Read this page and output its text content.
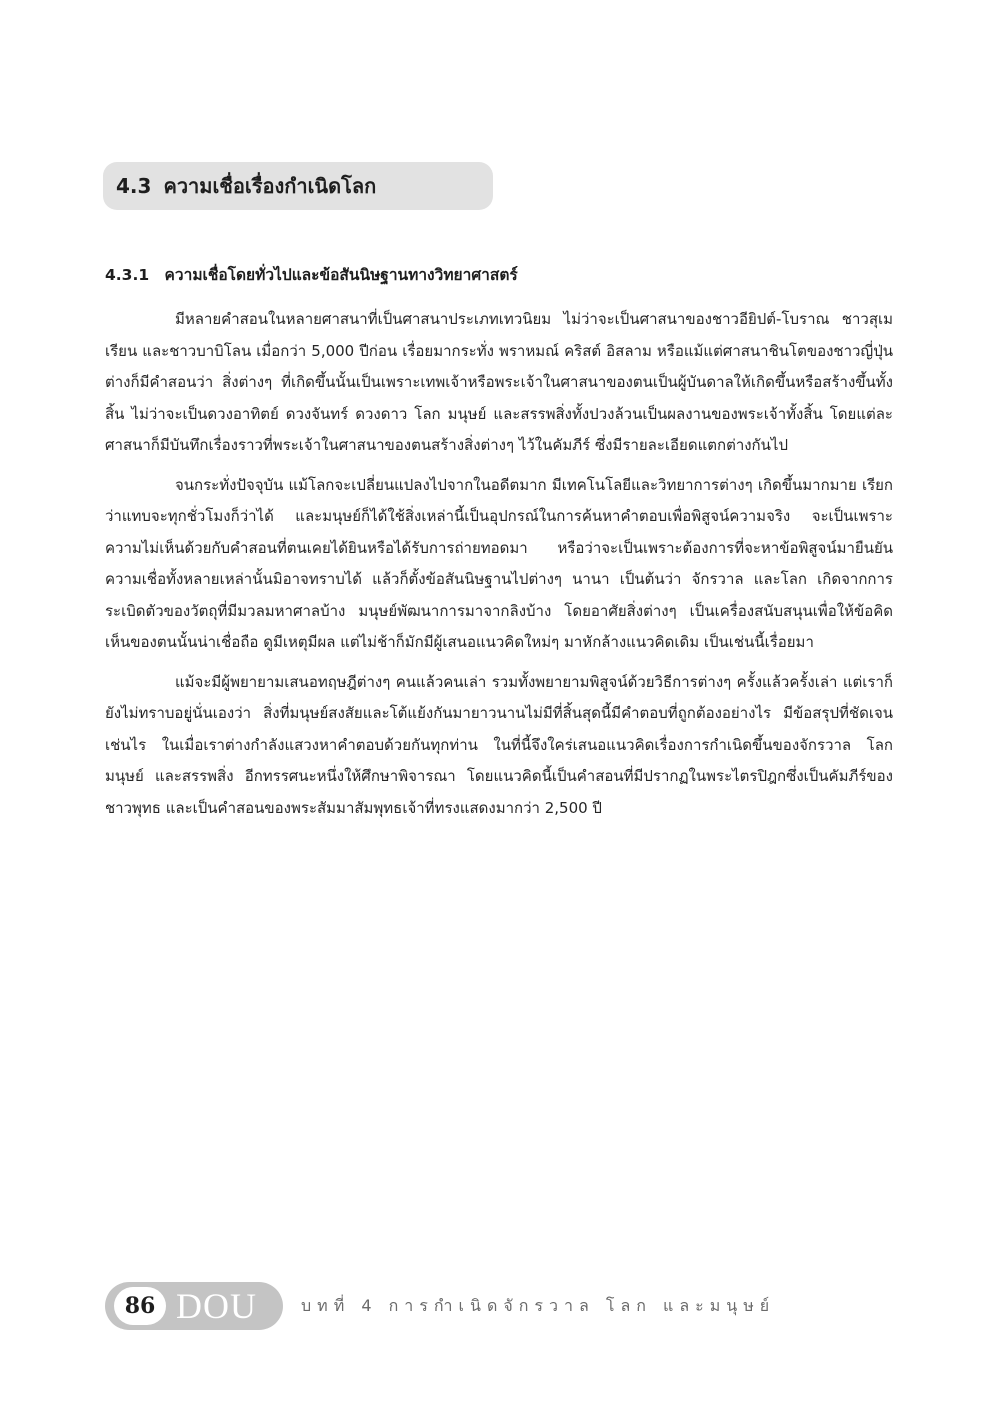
4.3 ความเชื่อเรื่องกำเนิดโลก
4.3.1 ความเชื่อโดยทั่วไปและข้อสันนิษฐานทางวิทยาศาสตร์

มีหลายคำสอนในหลายศาสนาที่เป็นศาสนาประเภทเทวนิยม ไม่ว่าจะเป็นศาสนาของชาวอียิปต์-โบราณ ชาวสุเมเรียน และชาวบาบิโลน เมื่อกว่า 5,000 ปีก่อน เรื่อยมากระทั่ง พราหมณ์ คริสต์ อิสลาม หรือแม้แต่ศาสนาชินโตของชาวญี่ปุ่น ต่างก็มีคำสอนว่า สิ่งต่างๆ ที่เกิดขึ้นนั้นเป็นเพราะเทพเจ้าหรือพระเจ้าในศาสนาของตนเป็นผู้บันดาลให้เกิดขึ้นหรือสร้างขึ้นทั้งสิ้น ไม่ว่าจะเป็นดวงอาทิตย์ ดวงจันทร์ ดวงดาว โลก มนุษย์ และสรรพสิ่งทั้งปวงล้วนเป็นผลงานของพระเจ้าทั้งสิ้น โดยแต่ละศาสนาก็มีบันทึกเรื่องราวที่พระเจ้าในศาสนาของตนสร้างสิ่งต่างๆ ไว้ในคัมภีร์ ซึ่งมีรายละเอียดแตกต่างกันไป

จนกระทั่งปัจจุบัน แม้โลกจะเปลี่ยนแปลงไปจากในอดีตมาก มีเทคโนโลยีและวิทยาการต่างๆ เกิดขึ้นมากมาย เรียกว่าแทบจะทุกชั่วโมงก็ว่าได้ และมนุษย์ก็ได้ใช้สิ่งเหล่านี้เป็นอุปกรณ์ในการค้นหาคำตอบเพื่อพิสูจน์ความจริง จะเป็นเพราะความไม่เห็นด้วยกับคำสอนที่ตนเคยได้ยินหรือได้รับการถ่ายทอดมา หรือว่าจะเป็นเพราะต้องการที่จะหาข้อพิสูจน์มายืนยันความเชื่อทั้งหลายเหล่านั้นมิอาจทราบได้ แล้วก็ตั้งข้อสันนิษฐานไปต่างๆ นานา เป็นต้นว่า จักรวาล และโลก เกิดจากการระเบิดตัวของวัตถุที่มีมวลมหาศาลบ้าง มนุษย์พัฒนาการมาจากลิงบ้าง โดยอาศัยสิ่งต่างๆ เป็นเครื่องสนับสนุนเพื่อให้ข้อคิดเห็นของตนนั้นน่าเชื่อถือ ดูมีเหตุมีผล แต่ไม่ช้าก็มักมีผู้เสนอแนวคิดใหม่ๆ มาหักล้างแนวคิดเดิม เป็นเช่นนี้เรื่อยมา

แม้จะมีผู้พยายามเสนอทฤษฎีต่างๆ คนแล้วคนเล่า รวมทั้งพยายามพิสูจน์ด้วยวิธีการต่างๆ ครั้งแล้วครั้งเล่า แต่เราก็ยังไม่ทราบอยู่นั่นเองว่า สิ่งที่มนุษย์สงสัยและโต้แย้งกันมายาวนานไม่มีที่สิ้นสุดนี้มีคำตอบที่ถูกต้องอย่างไร มีข้อสรุปที่ชัดเจนเช่นไร ในเมื่อเราต่างกำลังแสวงหาคำตอบด้วยกันทุกท่าน ในที่นี้จึงใคร่เสนอแนวคิดเรื่องการกำเนิดขึ้นของจักรวาล โลก มนุษย์ และสรรพสิ่ง อีกทรรศนะหนึ่งให้ศึกษาพิจารณา โดยแนวคิดนี้เป็นคำสอนที่มีปรากฏในพระไตรปิฎกซึ่งเป็นคัมภีร์ของชาวพุทธ และเป็นคำสอนของพระสัมมาสัมพุทธเจ้าที่ทรงแสดงมากว่า 2,500 ปี

86 DOU	บทที่ 4 การกำเนิดจักรวาล โลก และมนุษย์
